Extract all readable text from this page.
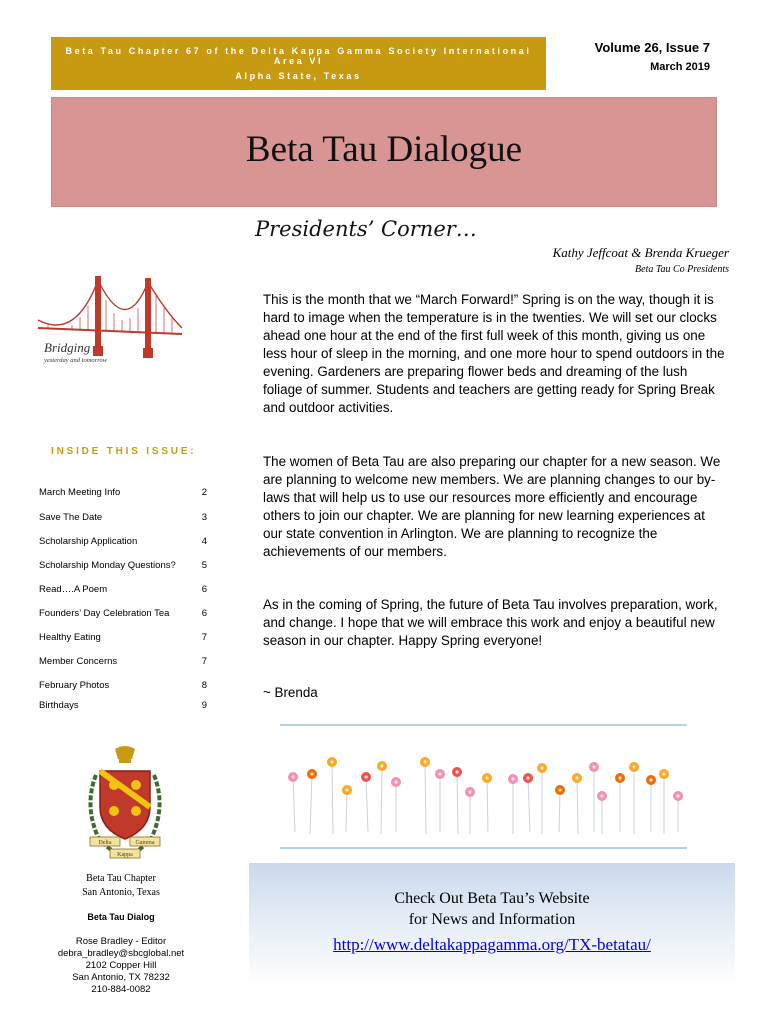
Beta Tau Chapter 67 of the Delta Kappa Gamma Society International Area VI
Alpha State, Texas
Volume 26, Issue 7
March 2019
Beta Tau Dialogue
Bridging
yesterday and tomorrow
Presidents’ Corner…
Kathy Jeffcoat & Brenda Krueger
Beta Tau Co Presidents

This is the month that we “March Forward!” Spring is on the way, though it is hard to image when the temperature is in the twenties. We will set our clocks ahead one hour at the end of the first full week of this month, giving us one less hour of sleep in the morning, and one more hour to spend outdoors in the evening. Gardeners are preparing flower beds and dreaming of the lush foliage of summer. Students and teachers are getting ready for Spring Break and outdoor activities.

The women of Beta Tau are also preparing our chapter for a new season. We are planning to welcome new members. We are planning changes to our by-laws that will help us to use our resources more efficiently and encourage others to join our chapter. We are planning for new learning experiences at our state convention in Arlington. We are planning to recognize the achievements of our members.

As in the coming of Spring, the future of Beta Tau involves preparation, work, and change. I hope that we will embrace this work and enjoy a beautiful new season in our chapter. Happy Spring everyone!

~ Brenda

INSIDE THIS ISSUE:
March Meeting Info	2
Save The Date	3
Scholarship Application	4
Scholarship Monday Questions?	5
Read….A Poem	6
Founders’ Day Celebration Tea	6
Healthy Eating	7
Member Concerns	7
February Photos	8
Birthdays	9
Delta	Gamma
Kappa
Beta Tau Chapter
San Antonio, Texas
Beta Tau Dialog
Rose Bradley - Editor
debra_bradley@sbcglobal.net
2102 Copper Hill
San Antonio, TX 78232
210-884-0082
Check Out Beta Tau’s Website
for News and Information
http://www.deltakappagamma.org/TX-betatau/
